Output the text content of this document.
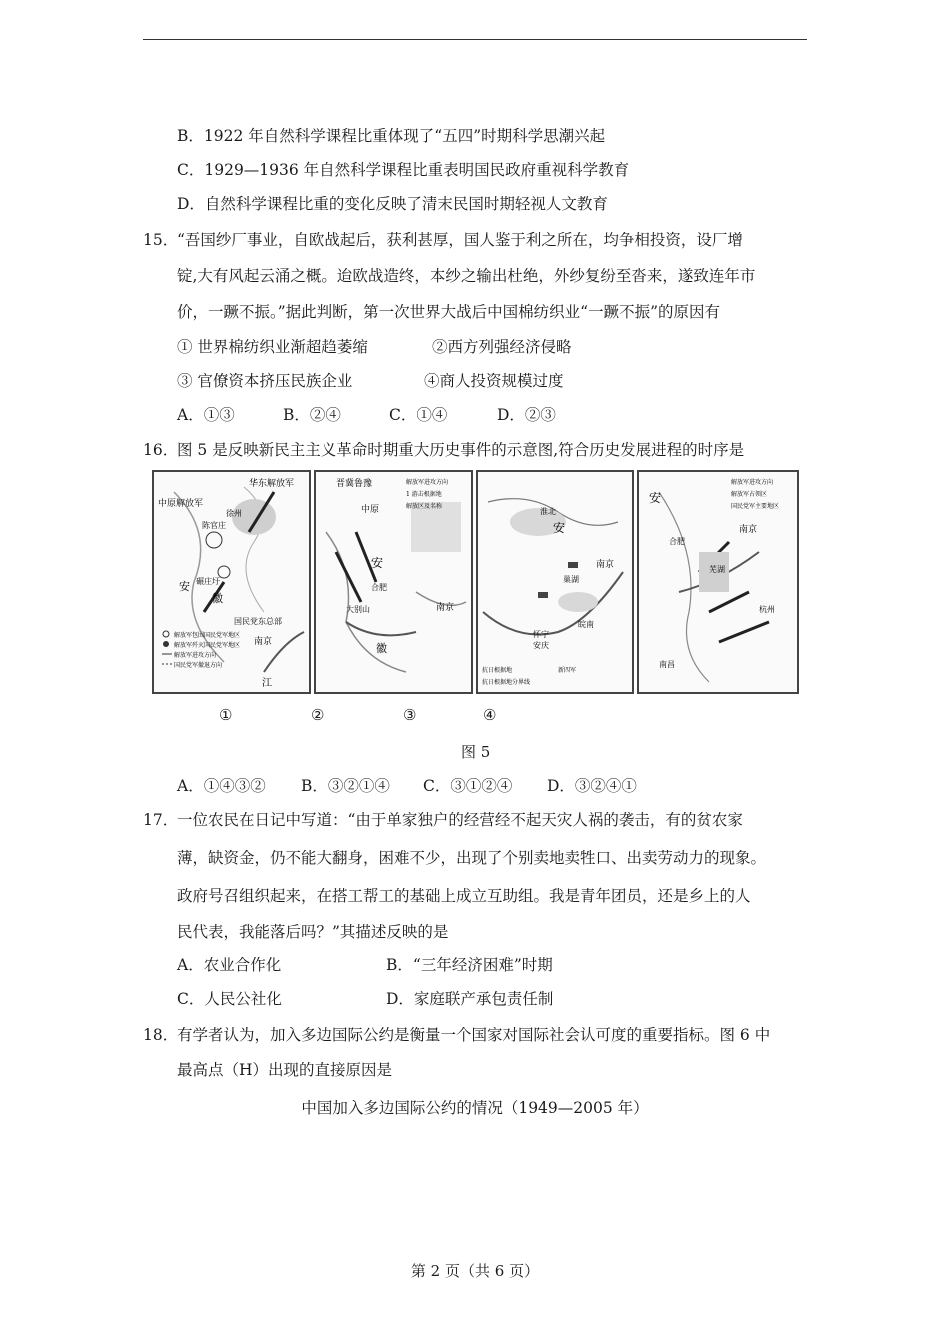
B．1922 年自然科学课程比重体现了“五四”时期科学思潮兴起
C．1929—1936 年自然科学课程比重表明国民政府重视科学教育
D．自然科学课程比重的变化反映了清末民国时期轻视人文教育
15．
“吾国纱厂事业，自欧战起后，获利甚厚，国人鉴于利之所在，均争相投资，设厂增
锭,大有风起云涌之概。迨欧战造终，本纱之输出杜绝，外纱复纷至沓来，遂致连年市
价，一蹶不振。”据此判断，第一次世界大战后中国棉纺织业“一蹶不振”的原因有
① 世界棉纺织业渐超趋萎缩	②西方列强经济侵略
③ 官僚资本挤压民族企业	④商人投资规模过度
A．①③	B．②④	C．①④	D．②③
16．
图 5 是反映新民主主义革命时期重大历史事件的示意图,符合历史发展进程的时序是
华东解放军
中原解放军
陈官庄
徐州
碾庄圩
安
徽
国民党东总部
南京
江
解放军包围国民党军地区
解放军歼灭国民党军地区
解放军进攻方向
国民党军撤退方向
晋冀鲁豫
中原
解放军进攻方向
1 游击根据地
解放区及名称
安
合肥
南京
大别山
徽
安
南京
淮北
皖南
巢湖
怀宁
安庆
抗日根据地
抗日根据地分界线
新四军
安
解放军进攻方向
解放军占领区
国民党军主要地区
南京
合肥
芜湖
南昌
杭州
①	②	③	④
图 5
A．①④③② B．③②①④ C．③①②④ D．③②④①
17．
一位农民在日记中写道：“由于单家独户的经营经不起天灾人祸的袭击，有的贫农家
薄，缺资金，仍不能大翻身，困难不少，出现了个别卖地卖牲口、出卖劳动力的现象。
政府号召组织起来，在搭工帮工的基础上成立互助组。我是青年团员，还是乡上的人
民代表，我能落后吗？”其描述反映的是
A．农业合作化	B．“三年经济困难”时期
C．人民公社化	D．家庭联产承包责任制
18．
有学者认为，加入多边国际公约是衡量一个国家对国际社会认可度的重要指标。图 6 中
最高点（H）出现的直接原因是
中国加入多边国际公约的情况（1949—2005 年）
第 2 页（共 6 页）
